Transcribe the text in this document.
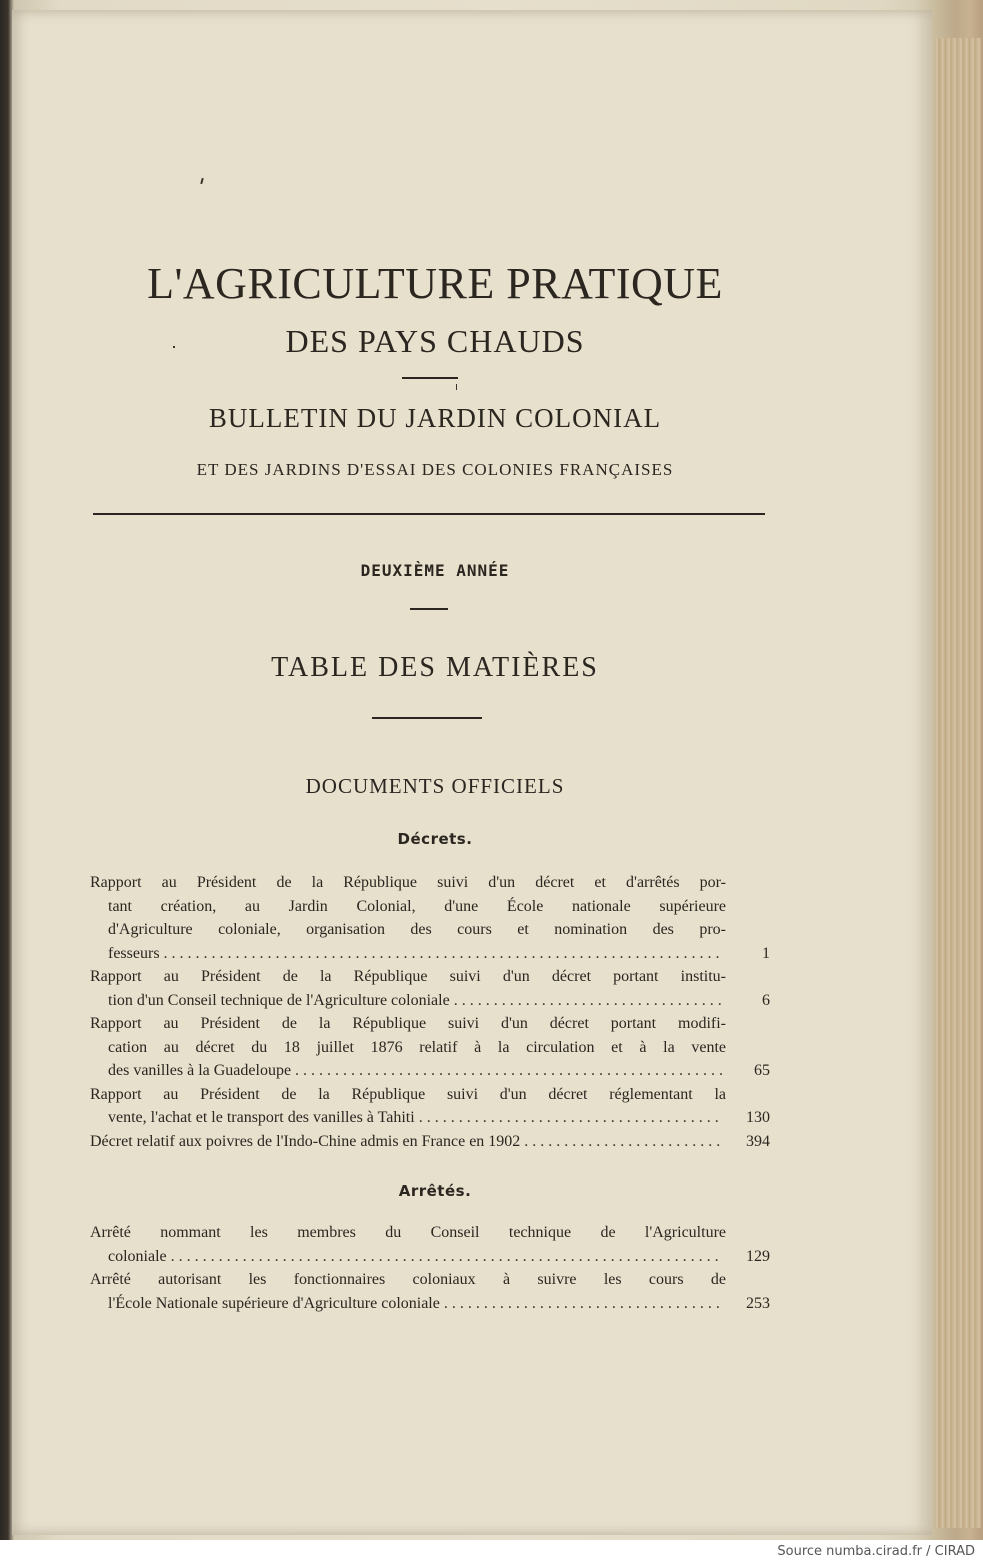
L'AGRICULTURE PRATIQUE
DES PAYS CHAUDS
BULLETIN DU JARDIN COLONIAL
ET DES JARDINS D'ESSAI DES COLONIES FRANÇAISES
DEUXIÈME ANNÉE
TABLE DES MATIÈRES
DOCUMENTS OFFICIELS
Décrets.
Rapport au Président de la République suivi d'un décret et d'arrêtés por-
tant création, au Jardin Colonial, d'une École nationale supérieure
d'Agriculture coloniale, organisation des cours et nomination des pro-
fesseurs . . .	1
Rapport au Président de la République suivi d'un décret portant institu-
tion d'un Conseil technique de l'Agriculture coloniale . . .	6
Rapport au Président de la République suivi d'un décret portant modifi-
cation au décret du 18 juillet 1876 relatif à la circulation et à la vente
des vanilles à la Guadeloupe . . .	65
Rapport au Président de la République suivi d'un décret réglementant la
vente, l'achat et le transport des vanilles à Tahiti . . .	130
Décret relatif aux poivres de l'Indo-Chine admis en France en 1902 . . .	394
Arrêtés.
Arrêté nommant les membres du Conseil technique de l'Agriculture
coloniale . . .	129
Arrêté autorisant les fonctionnaires coloniaux à suivre les cours de
l'École Nationale supérieure d'Agriculture coloniale . . .	253
Source numba.cirad.fr / CIRAD
